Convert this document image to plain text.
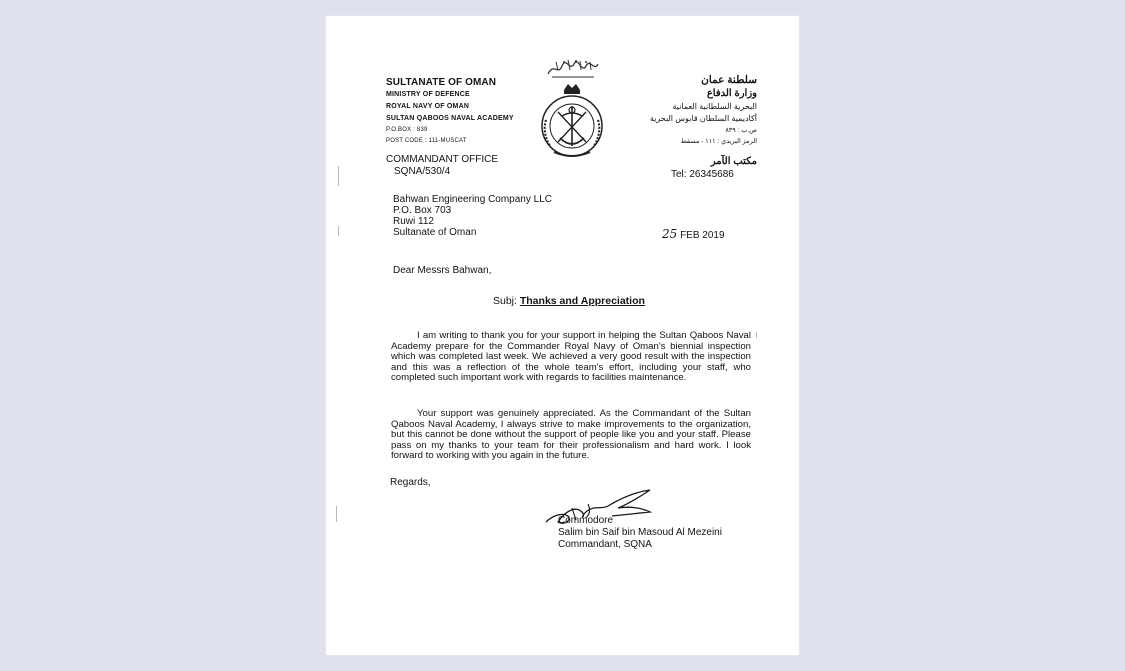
SULTANATE OF OMAN
MINISTRY OF DEFENCE
ROYAL NAVY OF OMAN
SULTAN QABOOS NAVAL ACADEMY
P.O.BOX : 839
POST CODE : 111-MUSCAT
سلطنة عمان
وزارة الدفاع
البحرية السلطانية العمانية
أكاديمية السلطان قابوس البحرية
ص.ب : ٨٣٩
الرمز البريدي : ١١١ - مسقط
COMMANDANT OFFICE
SQNA/530/4
مكتب الآمر
Tel: 26345686
Bahwan Engineering Company LLC
P.O. Box 703
Ruwi 112
Sultanate of Oman	25 FEB 2019
Dear Messrs Bahwan,
Subj: Thanks and Appreciation
I am writing to thank you for your support in helping the Sultan Qaboos Naval Academy prepare for the Commander Royal Navy of Oman's biennial inspection which was completed last week. We achieved a very good result with the inspection and this was a reflection of the whole team's effort, including your staff, who completed such important work with regards to facilities maintenance.
Your support was genuinely appreciated. As the Commandant of the Sultan Qaboos Naval Academy, I always strive to make improvements to the organization, but this cannot be done without the support of people like you and your staff. Please pass on my thanks to your team for their professionalism and hard work. I look forward to working with you again in the future.
Regards,
Commodore
Salim bin Saif bin Masoud Al Mezeini
Commandant, SQNA
